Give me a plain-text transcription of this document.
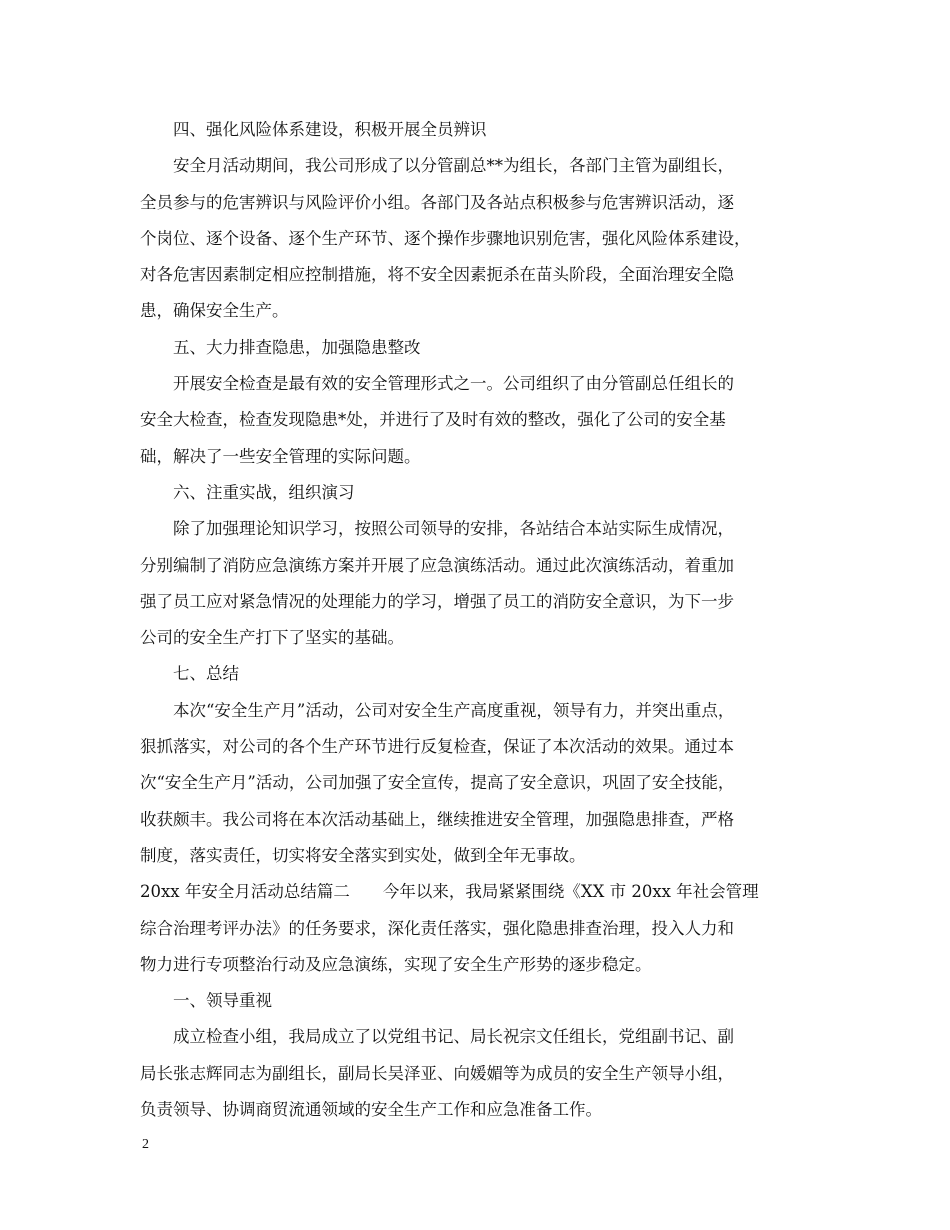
四、强化风险体系建设，积极开展全员辨识
安全月活动期间，我公司形成了以分管副总**为组长，各部门主管为副组长，
全员参与的危害辨识与风险评价小组。各部门及各站点积极参与危害辨识活动，逐
个岗位、逐个设备、逐个生产环节、逐个操作步骤地识别危害，强化风险体系建设，
对各危害因素制定相应控制措施，将不安全因素扼杀在苗头阶段，全面治理安全隐
患，确保安全生产。
五、大力排查隐患，加强隐患整改
开展安全检查是最有效的安全管理形式之一。公司组织了由分管副总任组长的
安全大检查，检查发现隐患*处，并进行了及时有效的整改，强化了公司的安全基
础，解决了一些安全管理的实际问题。
六、注重实战，组织演习
除了加强理论知识学习，按照公司领导的安排，各站结合本站实际生成情况，
分别编制了消防应急演练方案并开展了应急演练活动。通过此次演练活动，着重加
强了员工应对紧急情况的处理能力的学习，增强了员工的消防安全意识，为下一步
公司的安全生产打下了坚实的基础。
七、总结
本次“安全生产月”活动，公司对安全生产高度重视，领导有力，并突出重点，
狠抓落实，对公司的各个生产环节进行反复检查，保证了本次活动的效果。通过本
次“安全生产月”活动，公司加强了安全宣传，提高了安全意识，巩固了安全技能，
收获颇丰。我公司将在本次活动基础上，继续推进安全管理，加强隐患排查，严格
制度，落实责任，切实将安全落实到实处，做到全年无事故。
20xx 年安全月活动总结篇二　　今年以来，我局紧紧围绕《XX 市 20xx 年社会管理
综合治理考评办法》的任务要求，深化责任落实，强化隐患排查治理，投入人力和
物力进行专项整治行动及应急演练，实现了安全生产形势的逐步稳定。
一、领导重视
成立检查小组，我局成立了以党组书记、局长祝宗文任组长，党组副书记、副
局长张志辉同志为副组长，副局长吴泽亚、向媛媚等为成员的安全生产领导小组，
负责领导、协调商贸流通领域的安全生产工作和应急准备工作。
2
